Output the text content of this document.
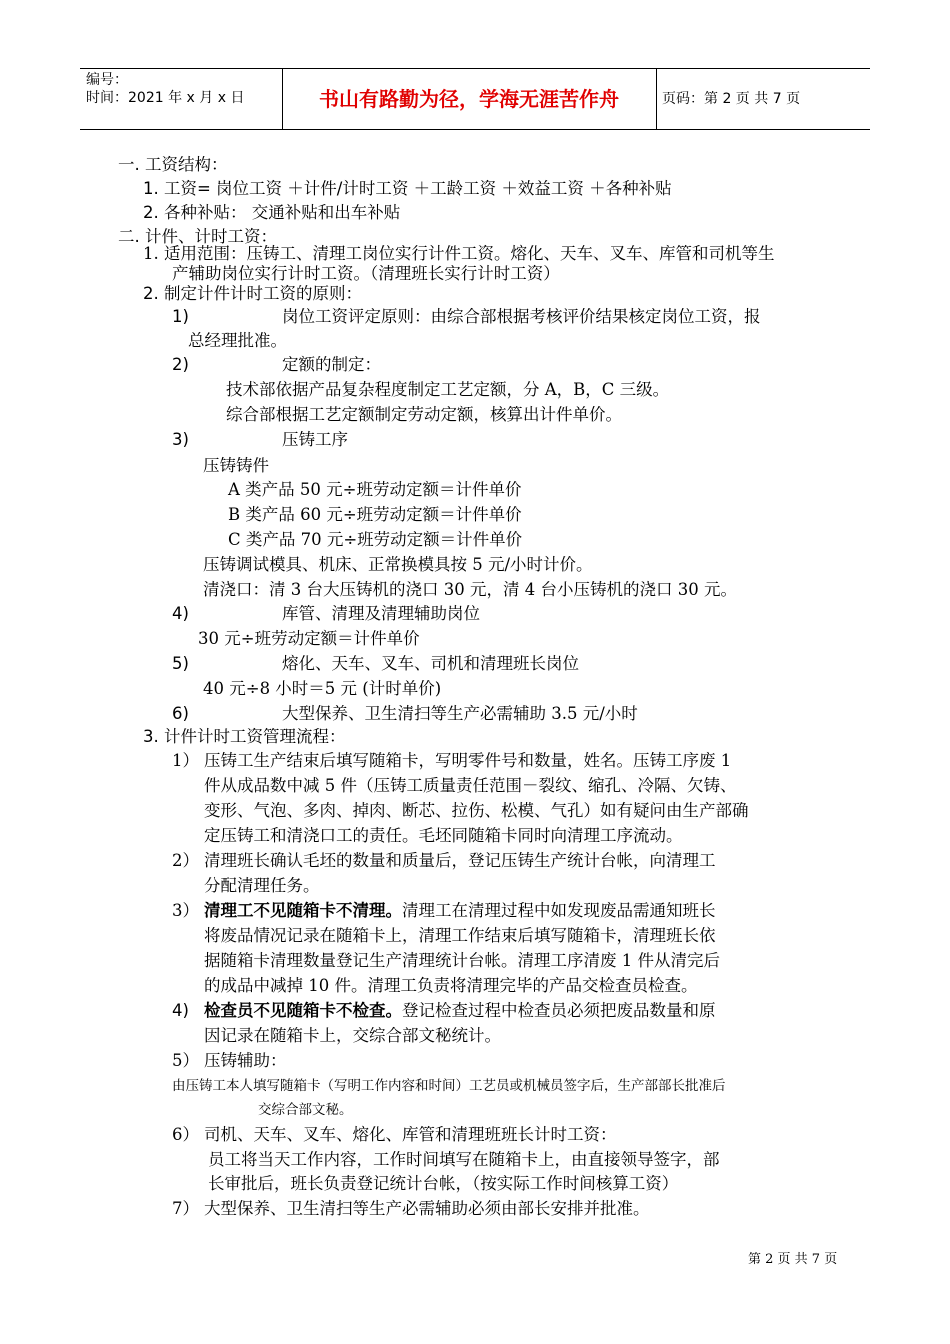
编号：
时间：2021 年 x 月 x 日	书山有路勤为径，学海无涯苦作舟	页码：第 2 页 共 7 页
一. 工资结构：
1. 工资= 岗位工资 ＋计件/计时工资 ＋工龄工资 ＋效益工资 ＋各种补贴
2. 各种补贴： 交通补贴和出车补贴
二. 计件、计时工资：
1. 适用范围：压铸工、清理工岗位实行计件工资。熔化、天车、叉车、库管和司机等生
产辅助岗位实行计时工资。（清理班长实行计时工资）
2. 制定计件计时工资的原则：
1)	岗位工资评定原则：由综合部根据考核评价结果核定岗位工资，报
总经理批准。
2)	定额的制定：
技术部依据产品复杂程度制定工艺定额，分 A，B，C 三级。
综合部根据工艺定额制定劳动定额，核算出计件单价。
3)	压铸工序
压铸铸件
A 类产品 50 元÷班劳动定额＝计件单价
B 类产品 60 元÷班劳动定额＝计件单价
C 类产品 70 元÷班劳动定额＝计件单价
压铸调试模具、机床、正常换模具按 5 元/小时计价。
清浇口：清 3 台大压铸机的浇口 30 元，清 4 台小压铸机的浇口 30 元。
4)	库管、清理及清理辅助岗位
30 元÷班劳动定额＝计件单价
5)	熔化、天车、叉车、司机和清理班长岗位
40 元÷8 小时＝5 元 (计时单价)
6)	大型保养、卫生清扫等生产必需辅助 3.5 元/小时
3. 计件计时工资管理流程：
1） 压铸工生产结束后填写随箱卡，写明零件号和数量，姓名。压铸工序废 1
件从成品数中减 5 件（压铸工质量责任范围－裂纹、缩孔、冷隔、欠铸、
变形、气泡、多肉、掉肉、断芯、拉伤、松模、气孔）如有疑问由生产部确
定压铸工和清浇口工的责任。毛坯同随箱卡同时向清理工序流动。
2） 清理班长确认毛坯的数量和质量后，登记压铸生产统计台帐，向清理工
分配清理任务。
3） 清理工不见随箱卡不清理。清理工在清理过程中如发现废品需通知班长
将废品情况记录在随箱卡上，清理工作结束后填写随箱卡，清理班长依
据随箱卡清理数量登记生产清理统计台帐。清理工序清废 1 件从清完后
的成品中减掉 10 件。清理工负责将清理完毕的产品交检查员检查。
4) 检查员不见随箱卡不检查。登记检查过程中检查员必须把废品数量和原
因记录在随箱卡上，交综合部文秘统计。
5） 压铸辅助：
由压铸工本人填写随箱卡（写明工作内容和时间）工艺员或机械员签字后，生产部部长批准后
交综合部文秘。
6） 司机、天车、叉车、熔化、库管和清理班班长计时工资：
员工将当天工作内容，工作时间填写在随箱卡上，由直接领导签字，部
长审批后，班长负责登记统计台帐，（按实际工作时间核算工资）
7） 大型保养、卫生清扫等生产必需辅助必须由部长安排并批准。
第 2 页 共 7 页
